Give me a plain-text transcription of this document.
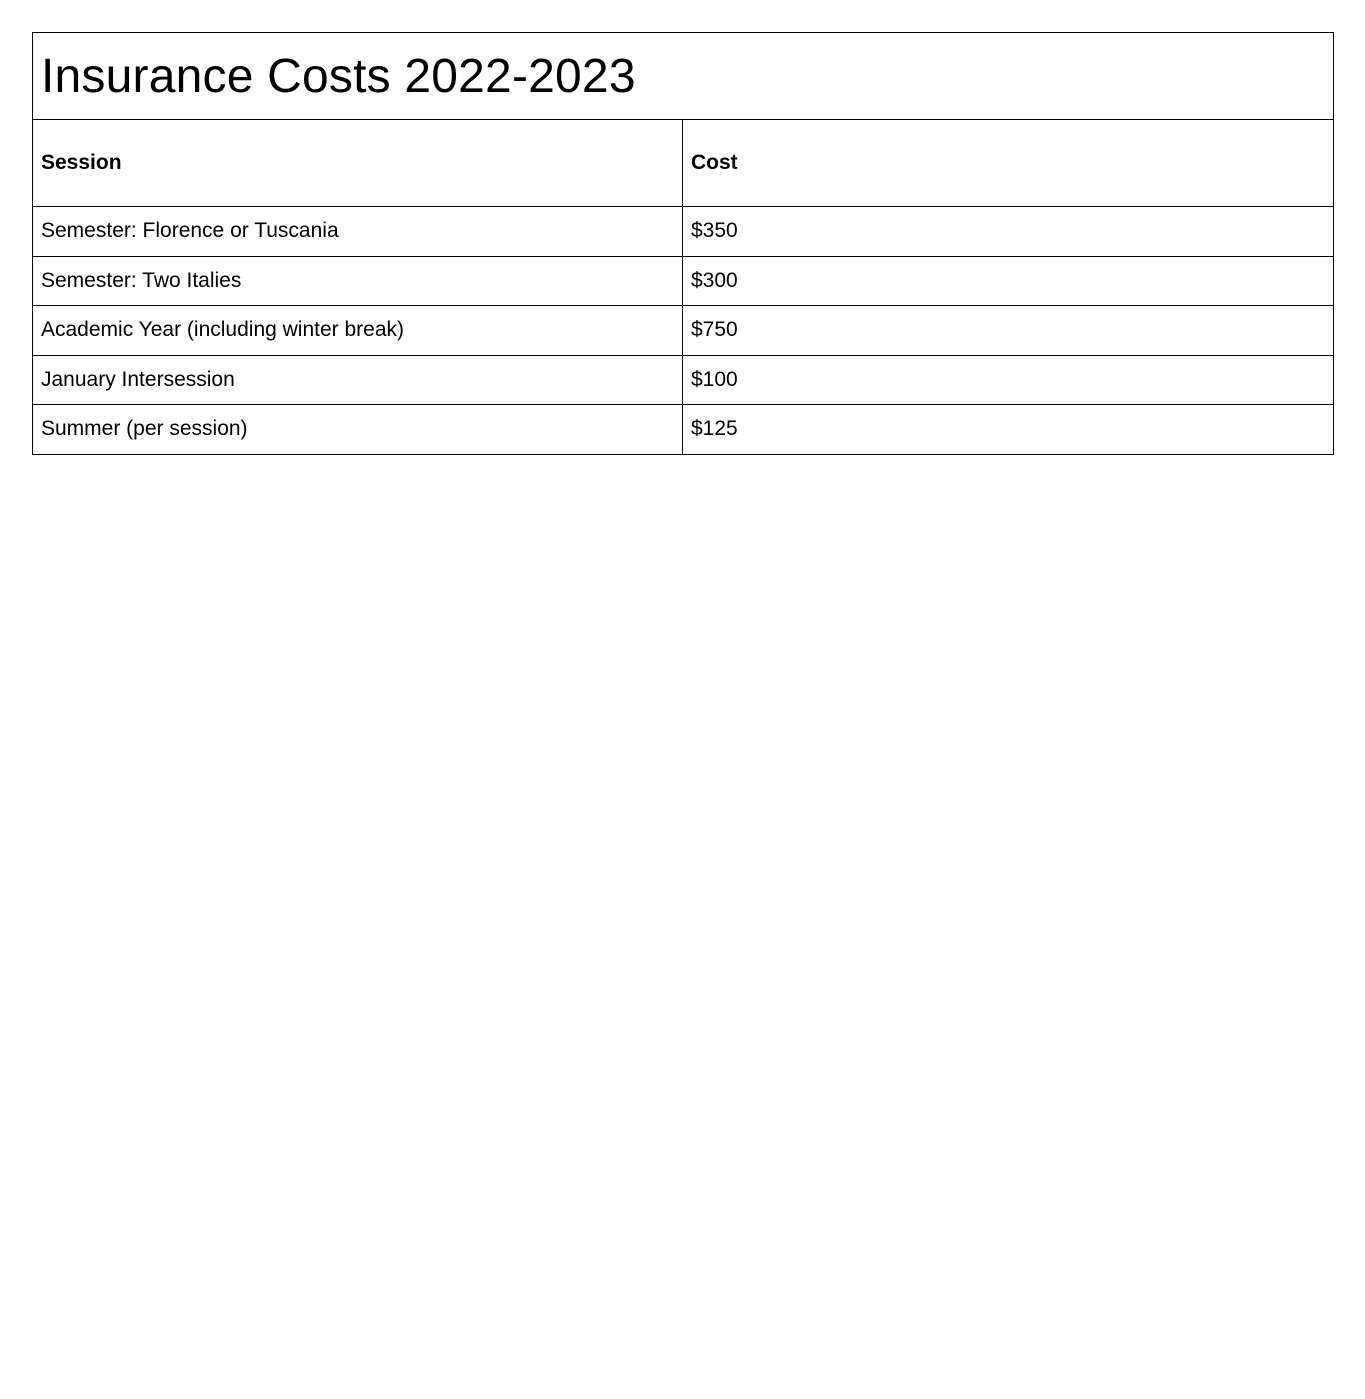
Insurance Costs 2022-2023	
Session	Cost
Semester: Florence or Tuscania	$350
Semester: Two Italies	$300
Academic Year (including winter break)	$750
January Intersession	$100
Summer (per session)	$125
